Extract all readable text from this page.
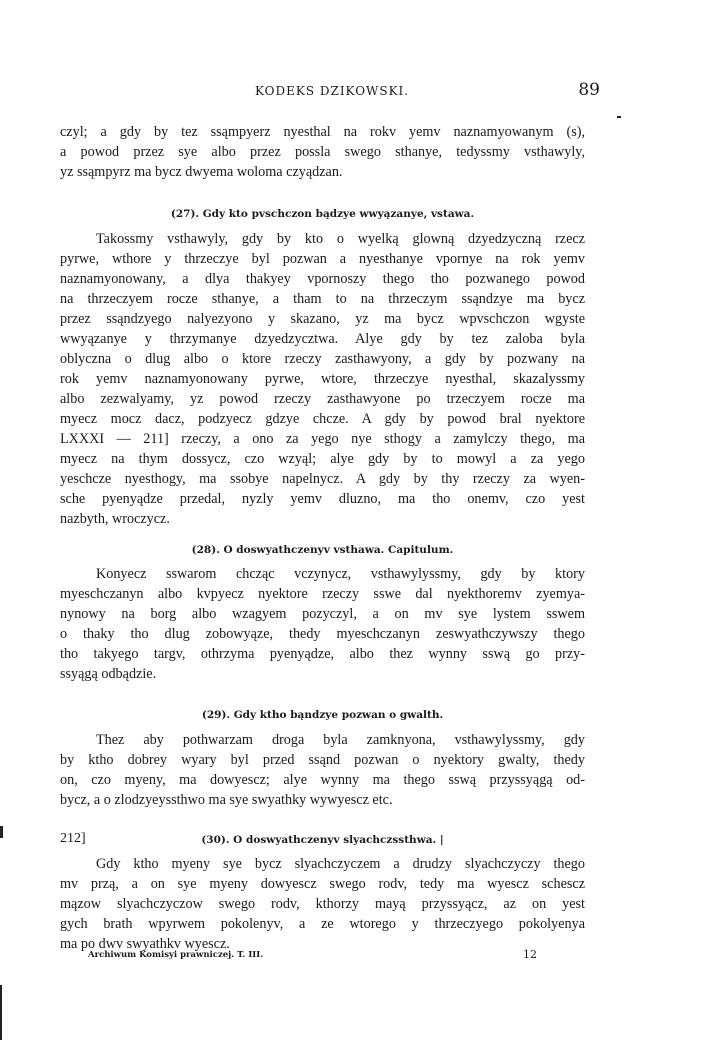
KODEKS DZIKOWSKI.	89
czyl; a gdy by tez ssąmpyerz nyesthal na rokv yemv naznamyowanym (s),
a powod przez sye albo przez possla swego sthanye, tedyssmy vsthawyly,
yz ssąmpyrz ma bycz dwyema woloma czyądzan.
(27). Gdy kto pvschczon bądzye wwyązanye, vstawa.
Takossmy vsthawyly, gdy by kto o wyelką glowną dzyedzyczną rzecz
pyrwe, wthore y thrzeczye byl pozwan a nyesthanye vpornye na rok yemv
naznamyonowany, a dlya thakyey vpornoszy thego tho pozwanego powod
na thrzeczyem rocze sthanye, a tham to na thrzeczym ssąndzye ma bycz
przez ssąndzyego nalyezyono y skazano, yz ma bycz wpvschczon wgyste
wwyązanye y thrzymanye dzyedzycztwa. Alye gdy by tez zaloba byla
oblyczna o dlug albo o ktore rzeczy zasthawyony, a gdy by pozwany na
rok yemv naznamyonowany pyrwe, wtore, thrzeczye nyesthal, skazalyssmy
albo zezwalyamy, yz powod rzeczy zasthawyone po trzeczyem rocze ma
myecz mocz dacz, podzyecz gdzye chcze. A gdy by powod bral nyektore
LXXXI — 211] rzeczy, a ono za yego nye sthogy a zamylczy thego, ma
myecz na thym dossycz, czo wzyąl; alye gdy by to mowyl a za yego
yeschcze nyesthogy, ma ssobye napelnycz. A gdy by thy rzeczy za wyen-
sche pyenyądze przedal, nyzly yemv dluzno, ma tho onemv, czo yest
nazbyth, wroczycz.
(28). O doswyathczenyv vsthawa. Capitulum.
Konyecz sswarom chcząc vczynycz, vsthawylyssmy, gdy by ktory
myeschczanyn albo kvpyecz nyektore rzeczy sswe dal nyekthoremv zyemya-
nynowy na borg albo wzagyem pozyczyl, a on mv sye lystem sswem
o thaky tho dlug zobowyąze, thedy myeschczanyn zeswyathczywszy thego
tho takyego targv, othrzyma pyenyądze, albo thez wynny sswą go przy-
ssyągą odbądzie.
(29). Gdy ktho bąndzye pozwan o gwalth.
Thez aby pothwarzam droga byla zamknyona, vsthawylyssmy, gdy
by ktho dobrey wyary byl przed ssąnd pozwan o nyektory gwalty, thedy
on, czo myeny, ma dowyescz; alye wynny ma thego sswą przyssyągą od-
bycz, a o zlodzyeyssthwo ma sye swyathky wywyescz etc.
212]	(30). O doswyathczenyv slyachczssthwa. |
Gdy ktho myeny sye bycz slyachczyczem a drudzy slyachczyczy thego
mv przą, a on sye myeny dowyescz swego rodv, tedy ma wyescz schescz
mązow slyachczyczow swego rodv, kthorzy mayą przyssyącz, az on yest
gych brath wpyrwem pokolenyv, a ze wtorego y thrzeczyego pokolyenya
ma po dwv swyathkv wyescz.
Archiwum Komisyi prawniczej. T. III.	12
